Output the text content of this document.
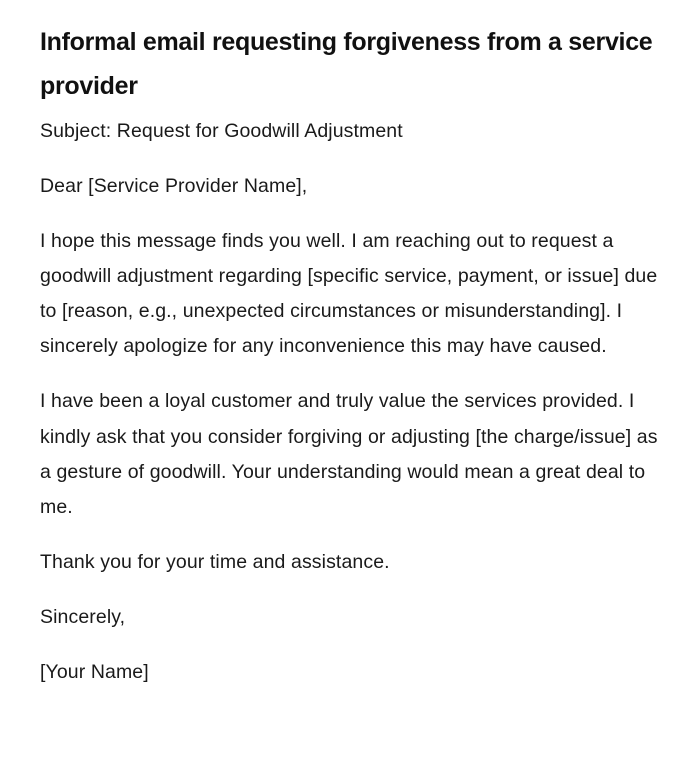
Informal email requesting forgiveness from a service provider

Subject: Request for Goodwill Adjustment

Dear [Service Provider Name],

I hope this message finds you well. I am reaching out to request a goodwill adjustment regarding [specific service, payment, or issue] due to [reason, e.g., unexpected circumstances or misunderstanding]. I sincerely apologize for any inconvenience this may have caused.

I have been a loyal customer and truly value the services provided. I kindly ask that you consider forgiving or adjusting [the charge/issue] as a gesture of goodwill. Your understanding would mean a great deal to me.

Thank you for your time and assistance.

Sincerely,

[Your Name]
